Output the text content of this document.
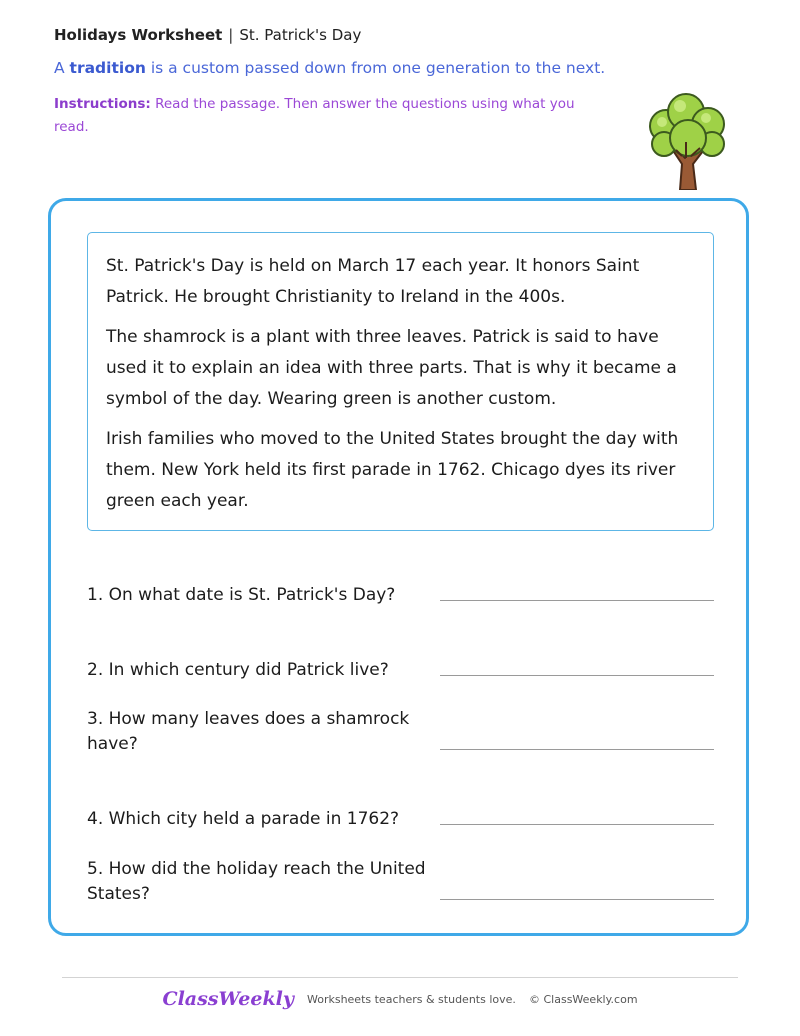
Holidays Worksheet | St. Patrick's Day
A tradition is a custom passed down from one generation to the next.
Instructions: Read the passage. Then answer the questions using what you read.

St. Patrick's Day is held on March 17 each year. It honors Saint Patrick. He brought Christianity to Ireland in the 400s.

The shamrock is a plant with three leaves. Patrick is said to have used it to explain an idea with three parts. That is why it became a symbol of the day. Wearing green is another custom.

Irish families who moved to the United States brought the day with them. New York held its first parade in 1762. Chicago dyes its river green each year.

1. On what date is St. Patrick's Day?
2. In which century did Patrick live?
3. How many leaves does a shamrock have?
4. Which city held a parade in 1762?
5. How did the holiday reach the United States?
ClassWeekly Worksheets teachers & students love. © ClassWeekly.com
